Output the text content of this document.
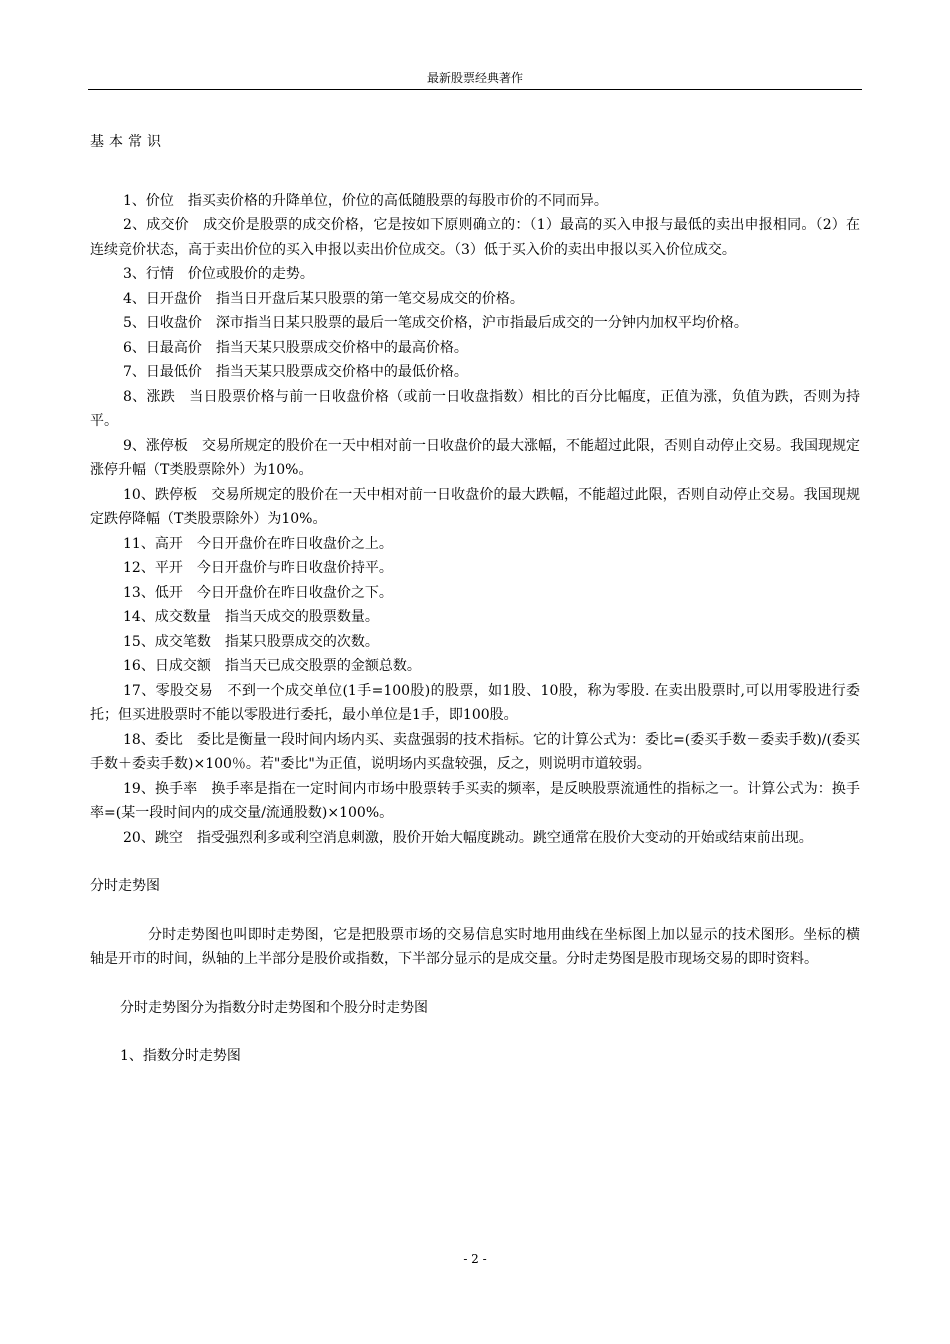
最新股票经典著作

基本常识

1、价位　指买卖价格的升降单位，价位的高低随股票的每股市价的不同而异。

2、成交价　成交价是股票的成交价格，它是按如下原则确立的：（1）最高的买入申报与最低的卖出申报相同。（2）在连续竞价状态，高于卖出价位的买入申报以卖出价位成交。（3）低于买入价的卖出申报以买入价位成交。

3、行情　价位或股价的走势。

4、日开盘价　指当日开盘后某只股票的第一笔交易成交的价格。

5、日收盘价　深市指当日某只股票的最后一笔成交价格，沪市指最后成交的一分钟内加权平均价格。

6、日最高价　指当天某只股票成交价格中的最高价格。

7、日最低价　指当天某只股票成交价格中的最低价格。

8、涨跌　当日股票价格与前一日收盘价格（或前一日收盘指数）相比的百分比幅度，正值为涨，负值为跌，否则为持平。

9、涨停板　交易所规定的股价在一天中相对前一日收盘价的最大涨幅，不能超过此限，否则自动停止交易。我国现规定涨停升幅（T类股票除外）为10%。

10、跌停板　交易所规定的股价在一天中相对前一日收盘价的最大跌幅，不能超过此限，否则自动停止交易。我国现规定跌停降幅（T类股票除外）为10%。

11、高开　今日开盘价在昨日收盘价之上。

12、平开　今日开盘价与昨日收盘价持平。

13、低开　今日开盘价在昨日收盘价之下。

14、成交数量　指当天成交的股票数量。

15、成交笔数　指某只股票成交的次数。

16、日成交额　指当天已成交股票的金额总数。

17、零股交易　不到一个成交单位(1手=100股)的股票，如1股、10股，称为零股. 在卖出股票时,可以用零股进行委托；但买进股票时不能以零股进行委托，最小单位是1手，即100股。

18、委比　委比是衡量一段时间内场内买、卖盘强弱的技术指标。它的计算公式为：委比=(委买手数－委卖手数)/(委买手数＋委卖手数)×100％。若"委比"为正值，说明场内买盘较强，反之，则说明市道较弱。

19、换手率　换手率是指在一定时间内市场中股票转手买卖的频率，是反映股票流通性的指标之一。计算公式为：换手率=(某一段时间内的成交量/流通股数)×100%。

20、跳空　指受强烈利多或利空消息刺激，股价开始大幅度跳动。跳空通常在股价大变动的开始或结束前出现。

分时走势图

分时走势图也叫即时走势图，它是把股票市场的交易信息实时地用曲线在坐标图上加以显示的技术图形。坐标的横轴是开市的时间，纵轴的上半部分是股价或指数，下半部分显示的是成交量。分时走势图是股市现场交易的即时资料。

分时走势图分为指数分时走势图和个股分时走势图

1、指数分时走势图

- 2 -
